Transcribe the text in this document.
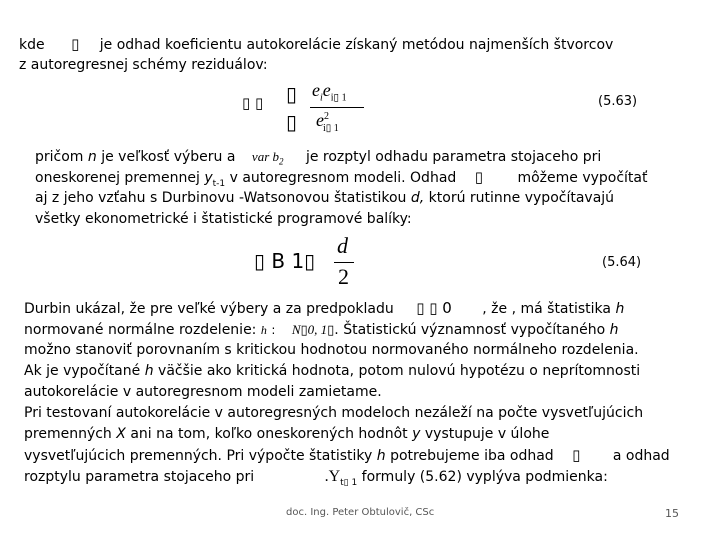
kde ▯ je odhad koeficientu autokorelácie získaný metódou najmenších štvorcov
z autoregresnej schémy reziduálov:
▯ ▯ ▯
▯
$e_ie_{i▯ 1}$
$e^2_{i▯ 1}$
(5.63)
pričom n je veľkosť výberu a var $b_2$ je rozptyl odhadu parametra stojaceho pri
oneskorenej premennej $y_{t-1}$ v autoregresnom modeli. Odhad ▯ môžeme vypočítať
aj z jeho vzťahu s Durbinovu -Watsonovou štatistikou d, ktorú rutinne vypočítavajú
všetky ekonometrické i štatistické programové balíky:
▯ B 1▯
d
2
(5.64)
Durbin ukázal, že pre veľké výbery a za predpokladu ▯ ▯ 0 , že , má štatistika h
normované normálne rozdelenie: h : N▯0, 1▯. Štatistickú významnosť vypočítaného h
možno stanoviť porovnaním s kritickou hodnotou normovaného normálneho rozdelenia.
Ak je vypočítané h väčšie ako kritická hodnota, potom nulovú hypotézu o neprítomnosti
autokorelácie v autoregresnom modeli zamietame.
Pri testovaní autokorelácie v autoregresných modeloch nezáleží na počte vysvetľujúcich
premenných X ani na tom, koľko oneskorených hodnôt y vystupuje v úlohe
vysvetľujúcich premenných. Pri výpočte štatistiky h potrebujeme iba odhad ▯ a odhad
rozptylu parametra stojaceho pri	$.Y_{t▯ 1}$ formuly (5.62) vyplýva podmienka:
doc. Ing. Peter Obtulovič, CSc	15
